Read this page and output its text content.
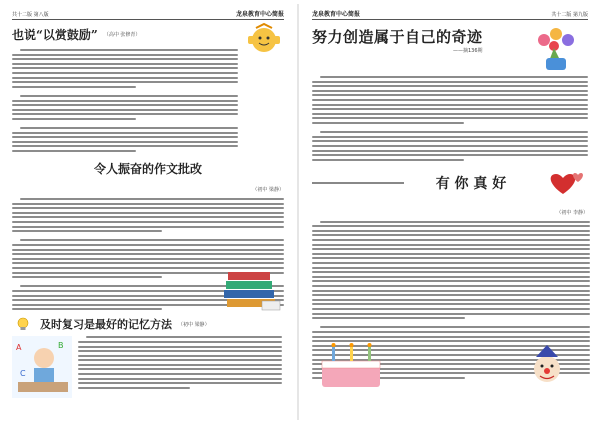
共十二版 第八版	龙泉教育中心简报
也说“以赏鼓励” （高中 张修青）
令人振奋的作文批改
（初中 梁静）
及时复习是最好的记忆方法 （初中 梁静）
A	B
C
龙泉教育中心简报	共十二版 第九版
努力创造属于自己的奇迹
——摘136期
有 你 真 好
（初中 李静）
